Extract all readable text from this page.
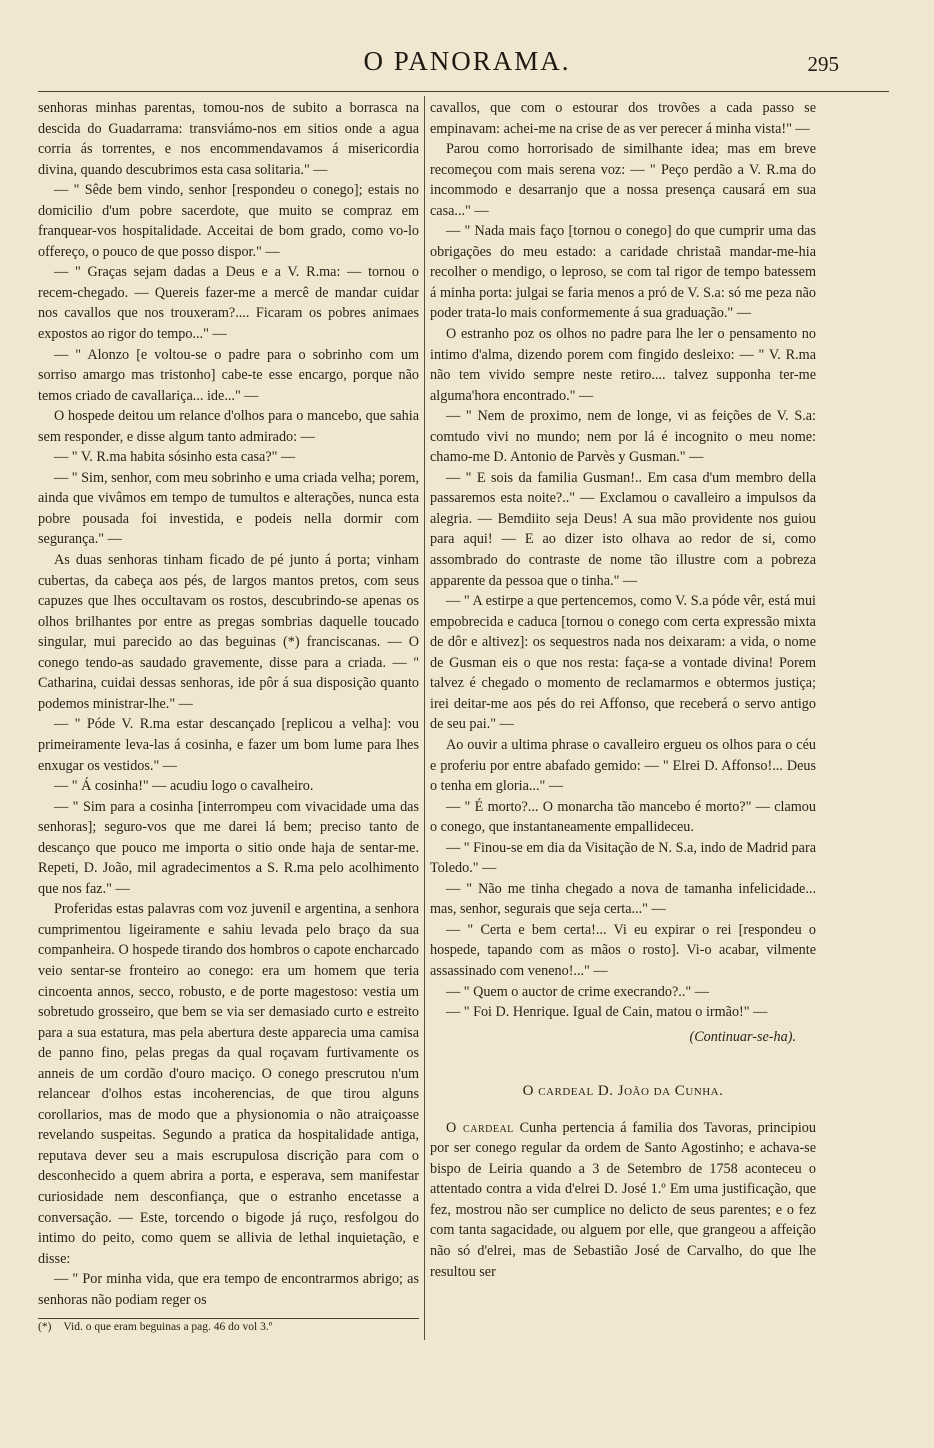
O PANORAMA.	295

senhoras minhas parentas, tomou-nos de subito a borrasca na descida do Guadarrama: transviámo-nos em sitios onde a agua corria ás torrentes, e nos encommendavamos á misericordia divina, quando descubrimos esta casa solitaria." —

— " Sêde bem vindo, senhor [respondeu o conego]; estais no domicilio d'um pobre sacerdote, que muito se compraz em franquear-vos hospitalidade. Acceitai de bom grado, como vo-lo offereço, o pouco de que posso dispor." —

— " Graças sejam dadas a Deus e a V. R.ma: — tornou o recem-chegado. — Quereis fazer-me a mercê de mandar cuidar nos cavallos que nos trouxeram?.... Ficaram os pobres animaes expostos ao rigor do tempo..." —

— " Alonzo [e voltou-se o padre para o sobrinho com um sorriso amargo mas tristonho] cabe-te esse encargo, porque não temos criado de cavallariça... ide..." —

O hospede deitou um relance d'olhos para o mancebo, que sahia sem responder, e disse algum tanto admirado: —

— " V. R.ma habita sósinho esta casa?" —

— " Sim, senhor, com meu sobrinho e uma criada velha; porem, ainda que vivâmos em tempo de tumultos e alterações, nunca esta pobre pousada foi investida, e podeis nella dormir com segurança." —

As duas senhoras tinham ficado de pé junto á porta; vinham cubertas, da cabeça aos pés, de largos mantos pretos, com seus capuzes que lhes occultavam os rostos, descubrindo-se apenas os olhos brilhantes por entre as pregas sombrias daquelle toucado singular, mui parecido ao das beguinas (*) franciscanas. — O conego tendo-as saudado gravemente, disse para a criada. — " Catharina, cuidai dessas senhoras, ide pôr á sua disposição quanto podemos ministrar-lhe." —

— " Póde V. R.ma estar descançado [replicou a velha]: vou primeiramente leva-las á cosinha, e fazer um bom lume para lhes enxugar os vestidos." —

— " Á cosinha!" — acudiu logo o cavalheiro.

— " Sim para a cosinha [interrompeu com vivacidade uma das senhoras]; seguro-vos que me darei lá bem; preciso tanto de descanço que pouco me importa o sitio onde haja de sentar-me. Repeti, D. João, mil agradecimentos a S. R.ma pelo acolhimento que nos faz." —

Proferidas estas palavras com voz juvenil e argentina, a senhora cumprimentou ligeiramente e sahiu levada pelo braço da sua companheira. O hospede tirando dos hombros o capote encharcado veio sentar-se fronteiro ao conego: era um homem que teria cincoenta annos, secco, robusto, e de porte magestoso: vestia um sobretudo grosseiro, que bem se via ser demasiado curto e estreito para a sua estatura, mas pela abertura deste apparecia uma camisa de panno fino, pelas pregas da qual roçavam furtivamente os anneis de um cordão d'ouro maciço. O conego prescrutou n'um relancear d'olhos estas incoherencias, de que tirou alguns corollarios, mas de modo que a physionomia o não atraiçoasse revelando suspeitas. Segundo a pratica da hospitalidade antiga, reputava dever seu a mais escrupulosa discrição para com o desconhecido a quem abrira a porta, e esperava, sem manifestar curiosidade nem desconfiança, que o estranho encetasse a conversação. — Este, torcendo o bigode já ruço, resfolgou do intimo do peito, como quem se allivia de lethal inquietação, e disse:

— " Por minha vida, que era tempo de encontrarmos abrigo; as senhoras não podiam reger os

cavallos, que com o estourar dos trovões a cada passo se empinavam: achei-me na crise de as ver perecer á minha vista!" —

Parou como horrorisado de similhante idea; mas em breve recomeçou com mais serena voz: — " Peço perdão a V. R.ma do incommodo e desarranjo que a nossa presença causará em sua casa..." —

— " Nada mais faço [tornou o conego] do que cumprir uma das obrigações do meu estado: a caridade christaã mandar-me-hia recolher o mendigo, o leproso, se com tal rigor de tempo batessem á minha porta: julgai se faria menos a pró de V. S.a: só me peza não poder trata-lo mais conformemente á sua graduação." —

O estranho poz os olhos no padre para lhe ler o pensamento no intimo d'alma, dizendo porem com fingido desleixo: — " V. R.ma não tem vivido sempre neste retiro.... talvez supponha ter-me alguma'hora encontrado." —

— " Nem de proximo, nem de longe, vi as feições de V. S.a: comtudo vivi no mundo; nem por lá é incognito o meu nome: chamo-me D. Antonio de Parvès y Gusman." —

— " E sois da familia Gusman!.. Em casa d'um membro della passaremos esta noite?.." — Exclamou o cavalleiro a impulsos da alegria. — Bemdiito seja Deus! A sua mão providente nos guiou para aqui! — E ao dizer isto olhava ao redor de si, como assombrado do contraste de nome tão illustre com a pobreza apparente da pessoa que o tinha." —

— " A estirpe a que pertencemos, como V. S.a póde vêr, está mui empobrecida e caduca [tornou o conego com certa expressão mixta de dôr e altivez]: os sequestros nada nos deixaram: a vida, o nome de Gusman eis o que nos resta: faça-se a vontade divina! Porem talvez é chegado o momento de reclamarmos e obtermos justiça; irei deitar-me aos pés do rei Affonso, que receberá o servo antigo de seu pai." —

Ao ouvir a ultima phrase o cavalleiro ergueu os olhos para o céu e proferiu por entre abafado gemido: — " Elrei D. Affonso!... Deus o tenha em gloria..." —

— " É morto?... O monarcha tão mancebo é morto?" — clamou o conego, que instantaneamente empallideceu.

— " Finou-se em dia da Visitação de N. S.a, indo de Madrid para Toledo." —

— " Não me tinha chegado a nova de tamanha infelicidade... mas, senhor, segurais que seja certa..." —

— " Certa e bem certa!... Vi eu expirar o rei [respondeu o hospede, tapando com as mãos o rosto]. Vi-o acabar, vilmente assassinado com veneno!..." —

— " Quem o auctor de crime execrando?.." —

— " Foi D. Henrique. Igual de Cain, matou o irmão!" —

(Continuar-se-ha).
O cardeal D. João da Cunha.

O cardeal Cunha pertencia á familia dos Tavoras, principiou por ser conego regular da ordem de Santo Agostinho; e achava-se bispo de Leiria quando a 3 de Setembro de 1758 aconteceu o attentado contra a vida d'elrei D. José 1.º Em uma justificação, que fez, mostrou não ser cumplice no delicto de seus parentes; e o fez com tanta sagacidade, ou alguem por elle, que grangeou a affeição não só d'elrei, mas de Sebastião José de Carvalho, do que lhe resultou ser

(*) Vid. o que eram beguinas a pag. 46 do vol 3.º
